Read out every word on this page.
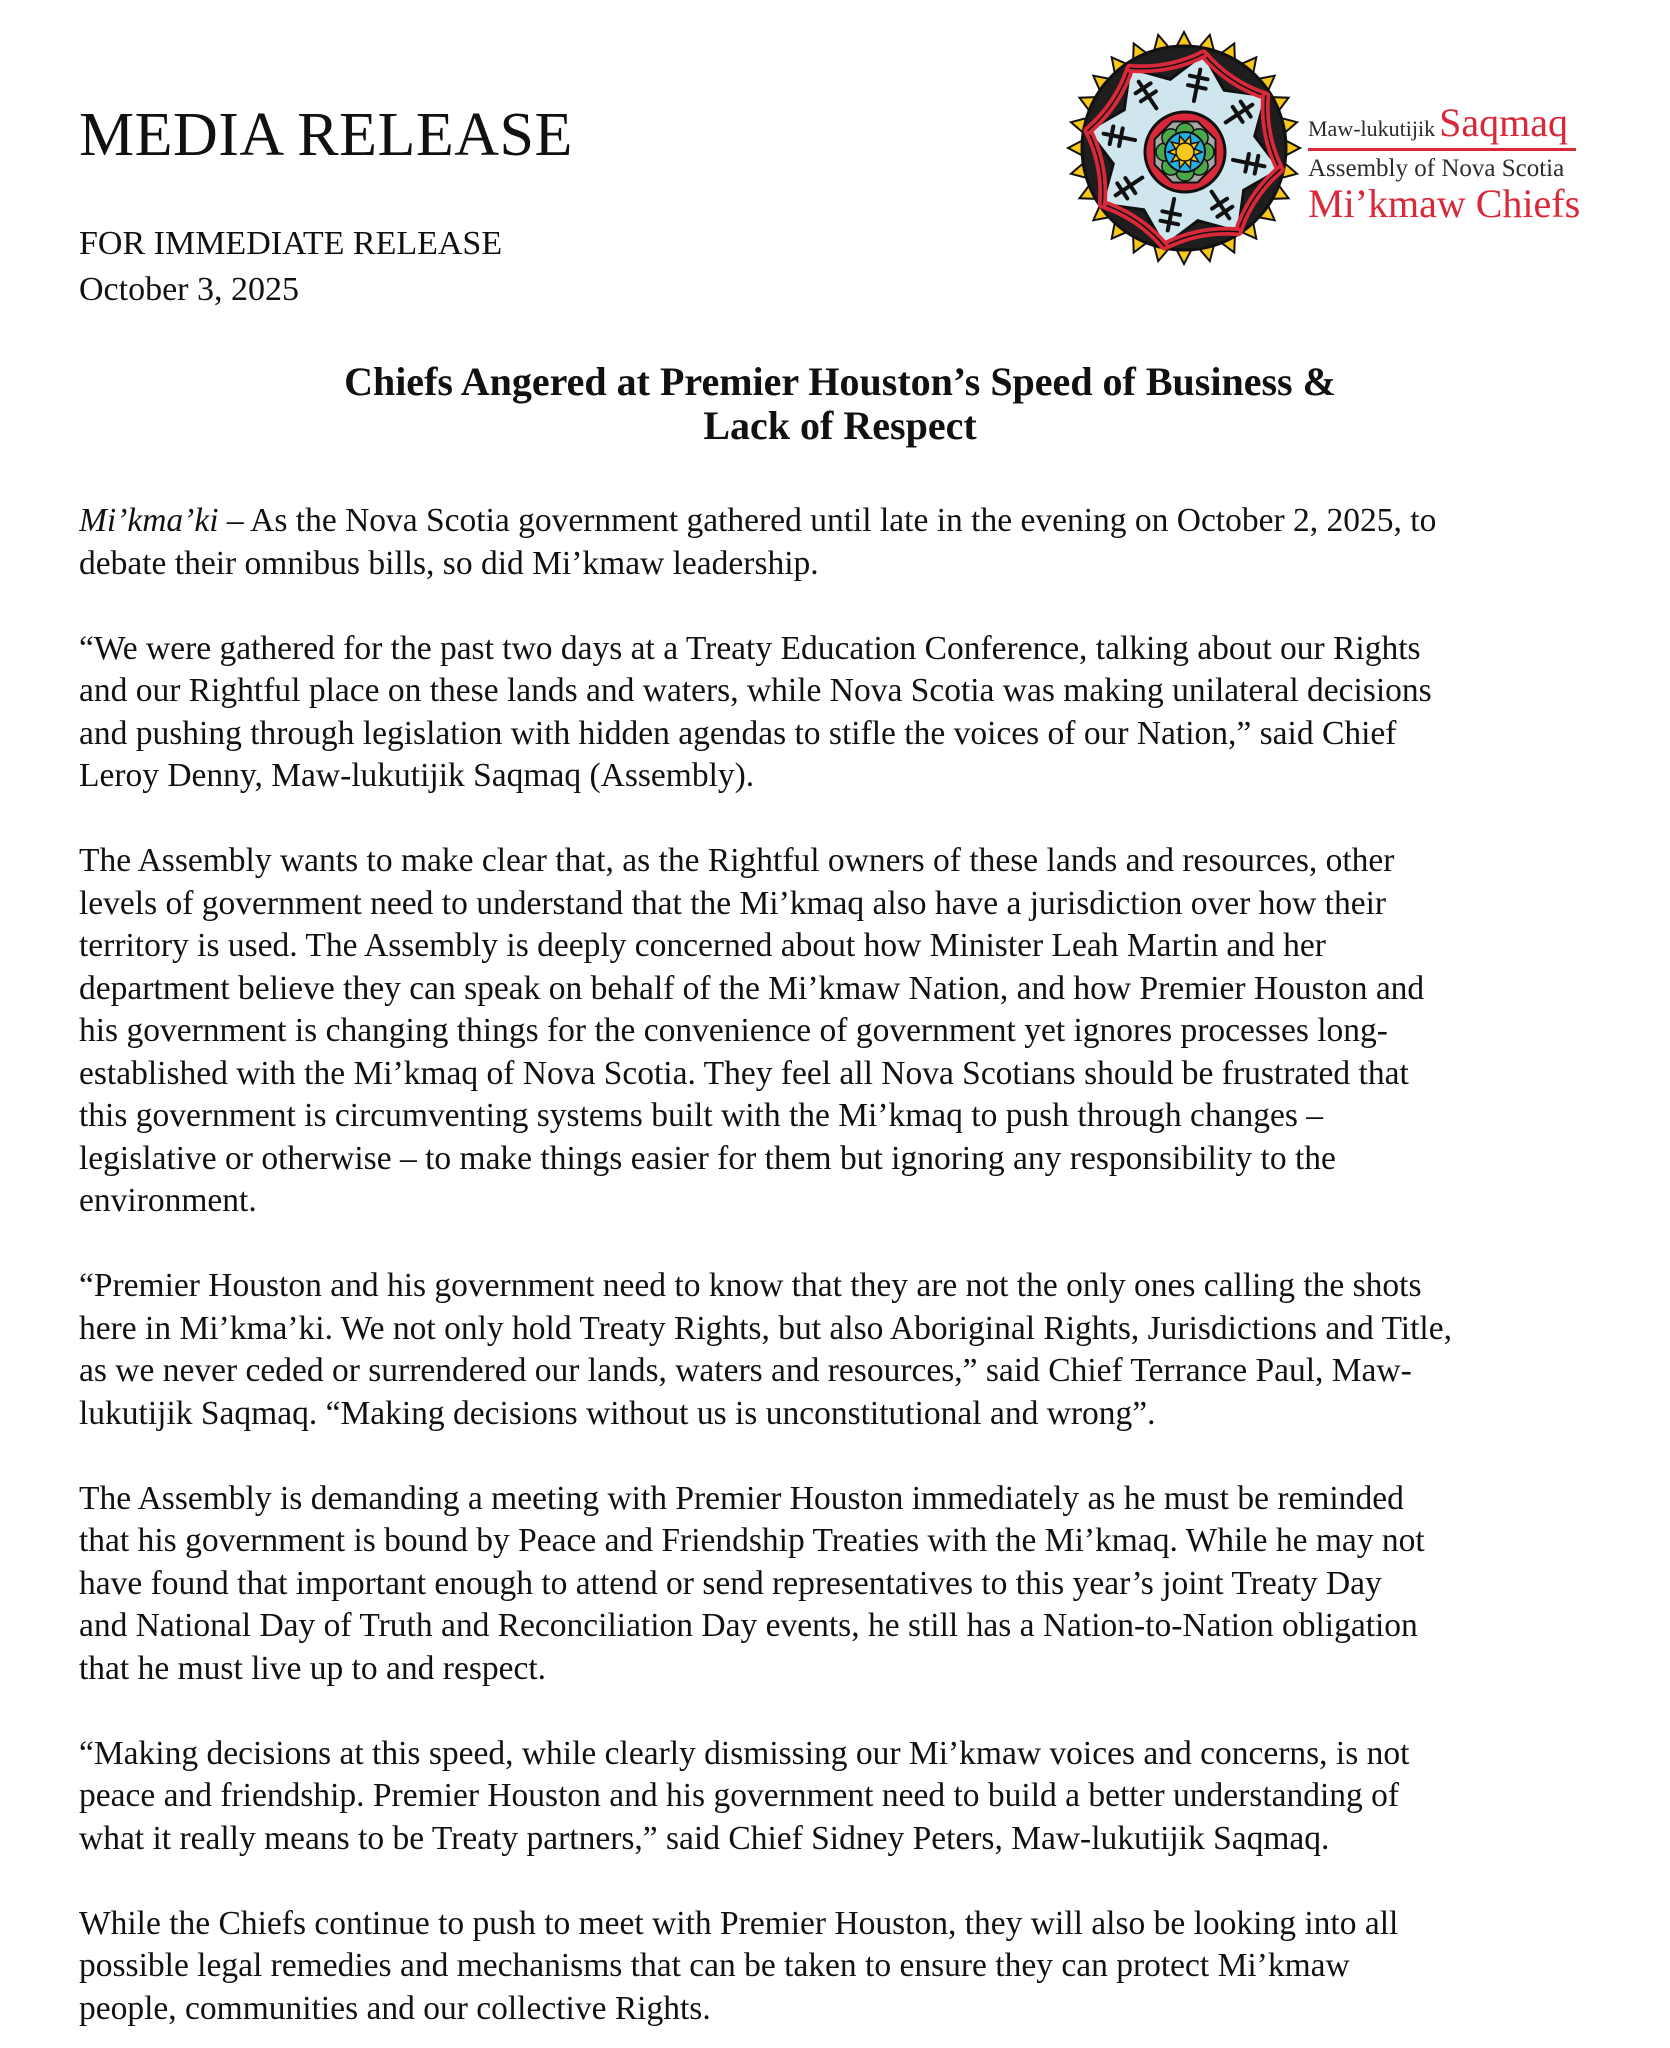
MEDIA RELEASE
FOR IMMEDIATE RELEASE
October 3, 2025
Maw-lukutijik Saqmaq
Assembly of Nova Scotia
Mi’kmaw Chiefs
Chiefs Angered at Premier Houston’s Speed of Business &
Lack of Respect
Mi’kma’ki – As the Nova Scotia government gathered until late in the evening on October 2, 2025, to
debate their omnibus bills, so did Mi’kmaw leadership.
“We were gathered for the past two days at a Treaty Education Conference, talking about our Rights
and our Rightful place on these lands and waters, while Nova Scotia was making unilateral decisions
and pushing through legislation with hidden agendas to stifle the voices of our Nation,” said Chief
Leroy Denny, Maw-lukutijik Saqmaq (Assembly).
The Assembly wants to make clear that, as the Rightful owners of these lands and resources, other
levels of government need to understand that the Mi’kmaq also have a jurisdiction over how their
territory is used. The Assembly is deeply concerned about how Minister Leah Martin and her
department believe they can speak on behalf of the Mi’kmaw Nation, and how Premier Houston and
his government is changing things for the convenience of government yet ignores processes long-
established with the Mi’kmaq of Nova Scotia. They feel all Nova Scotians should be frustrated that
this government is circumventing systems built with the Mi’kmaq to push through changes –
legislative or otherwise – to make things easier for them but ignoring any responsibility to the
environment.
“Premier Houston and his government need to know that they are not the only ones calling the shots
here in Mi’kma’ki. We not only hold Treaty Rights, but also Aboriginal Rights, Jurisdictions and Title,
as we never ceded or surrendered our lands, waters and resources,” said Chief Terrance Paul, Maw-
lukutijik Saqmaq. “Making decisions without us is unconstitutional and wrong”.
The Assembly is demanding a meeting with Premier Houston immediately as he must be reminded
that his government is bound by Peace and Friendship Treaties with the Mi’kmaq. While he may not
have found that important enough to attend or send representatives to this year’s joint Treaty Day
and National Day of Truth and Reconciliation Day events, he still has a Nation-to-Nation obligation
that he must live up to and respect.
“Making decisions at this speed, while clearly dismissing our Mi’kmaw voices and concerns, is not
peace and friendship. Premier Houston and his government need to build a better understanding of
what it really means to be Treaty partners,” said Chief Sidney Peters, Maw-lukutijik Saqmaq.
While the Chiefs continue to push to meet with Premier Houston, they will also be looking into all
possible legal remedies and mechanisms that can be taken to ensure they can protect Mi’kmaw
people, communities and our collective Rights.
